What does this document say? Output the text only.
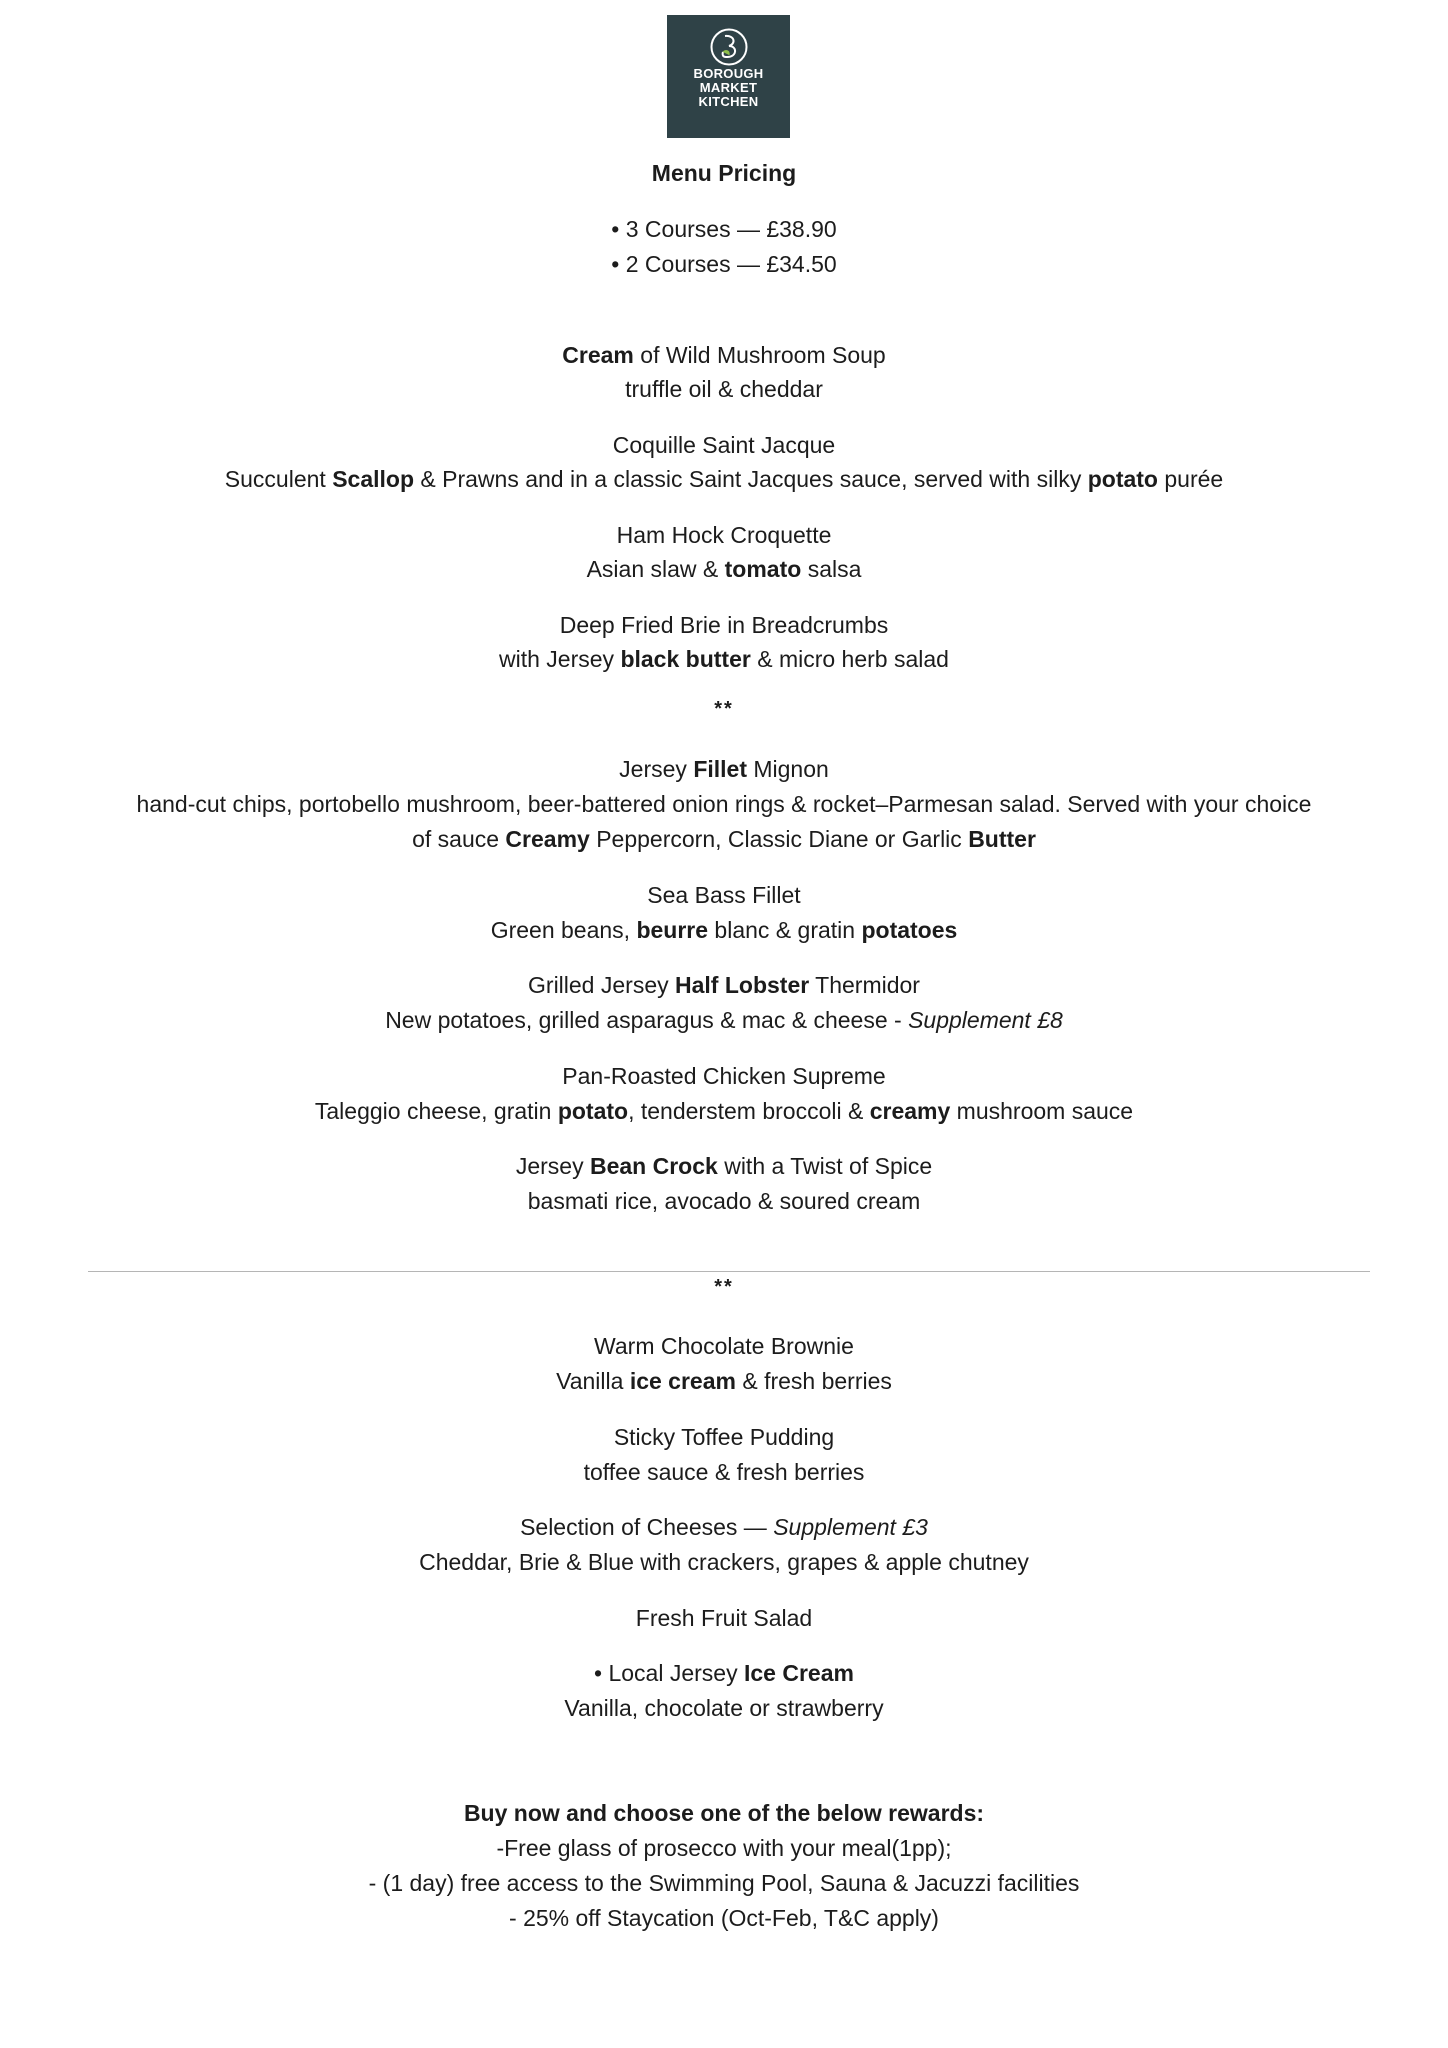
BOROUGH
MARKET
KITCHEN
Menu Pricing
• 3 Courses — £38.90
• 2 Courses — £34.50
Cream of Wild Mushroom Soup
truffle oil & cheddar
Coquille Saint Jacque
Succulent Scallop & Prawns and in a classic Saint Jacques sauce, served with silky potato purée
Ham Hock Croquette
Asian slaw & tomato salsa
Deep Fried Brie in Breadcrumbs
with Jersey black butter & micro herb salad
**
Jersey Fillet Mignon
hand-cut chips, portobello mushroom, beer-battered onion rings & rocket–Parmesan salad. Served with your choice
of sauce Creamy Peppercorn, Classic Diane or Garlic Butter
Sea Bass Fillet
Green beans, beurre blanc & gratin potatoes
Grilled Jersey Half Lobster Thermidor
New potatoes, grilled asparagus & mac & cheese - Supplement £8
Pan-Roasted Chicken Supreme
Taleggio cheese, gratin potato, tenderstem broccoli & creamy mushroom sauce
Jersey Bean Crock with a Twist of Spice
basmati rice, avocado & soured cream
**
Warm Chocolate Brownie
Vanilla ice cream & fresh berries
Sticky Toffee Pudding
toffee sauce & fresh berries
Selection of Cheeses — Supplement £3
Cheddar, Brie & Blue with crackers, grapes & apple chutney
Fresh Fruit Salad
• Local Jersey Ice Cream
Vanilla, chocolate or strawberry
Buy now and choose one of the below rewards:
-Free glass of prosecco with your meal(1pp);
- (1 day) free access to the Swimming Pool, Sauna & Jacuzzi facilities
- 25% off Staycation (Oct-Feb, T&C apply)
